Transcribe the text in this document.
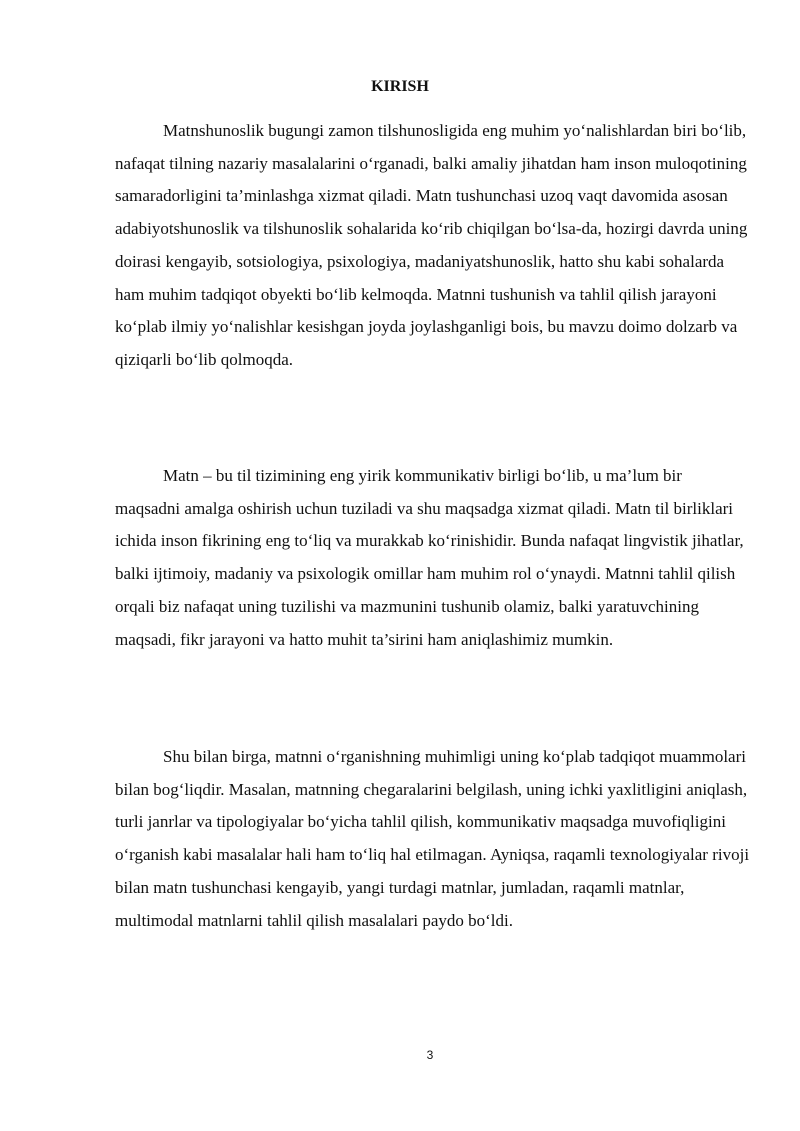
KIRISH

Matnshunoslik bugungi zamon tilshunosligida eng muhim yo‘nalishlardan biri bo‘lib, nafaqat tilning nazariy masalalarini o‘rganadi, balki amaliy jihatdan ham inson muloqotining samaradorligini ta’minlashga xizmat qiladi. Matn tushunchasi uzoq vaqt davomida asosan adabiyotshunoslik va tilshunoslik sohalarida ko‘rib chiqilgan bo‘lsa-da, hozirgi davrda uning doirasi kengayib, sotsiologiya, psixologiya, madaniyatshunoslik, hatto shu kabi sohalarda ham muhim tadqiqot obyekti bo‘lib kelmoqda. Matnni tushunish va tahlil qilish jarayoni ko‘plab ilmiy yo‘nalishlar kesishgan joyda joylashganligi bois, bu mavzu doimo dolzarb va qiziqarli bo‘lib qolmoqda.

Matn – bu til tizimining eng yirik kommunikativ birligi bo‘lib, u ma’lum bir maqsadni amalga oshirish uchun tuziladi va shu maqsadga xizmat qiladi. Matn til birliklari ichida inson fikrining eng to‘liq va murakkab ko‘rinishidir. Bunda nafaqat lingvistik jihatlar, balki ijtimoiy, madaniy va psixologik omillar ham muhim rol o‘ynaydi. Matnni tahlil qilish orqali biz nafaqat uning tuzilishi va mazmunini tushunib olamiz, balki yaratuvchining maqsadi, fikr jarayoni va hatto muhit ta’sirini ham aniqlashimiz mumkin.

Shu bilan birga, matnni o‘rganishning muhimligi uning ko‘plab tadqiqot muammolari bilan bog‘liqdir. Masalan, matnning chegaralarini belgilash, uning ichki yaxlitligini aniqlash, turli janrlar va tipologiyalar bo‘yicha tahlil qilish, kommunikativ maqsadga muvofiqligini o‘rganish kabi masalalar hali ham to‘liq hal etilmagan. Ayniqsa, raqamli texnologiyalar rivoji bilan matn tushunchasi kengayib, yangi turdagi matnlar, jumladan, raqamli matnlar, multimodal matnlarni tahlil qilish masalalari paydo bo‘ldi.

3
